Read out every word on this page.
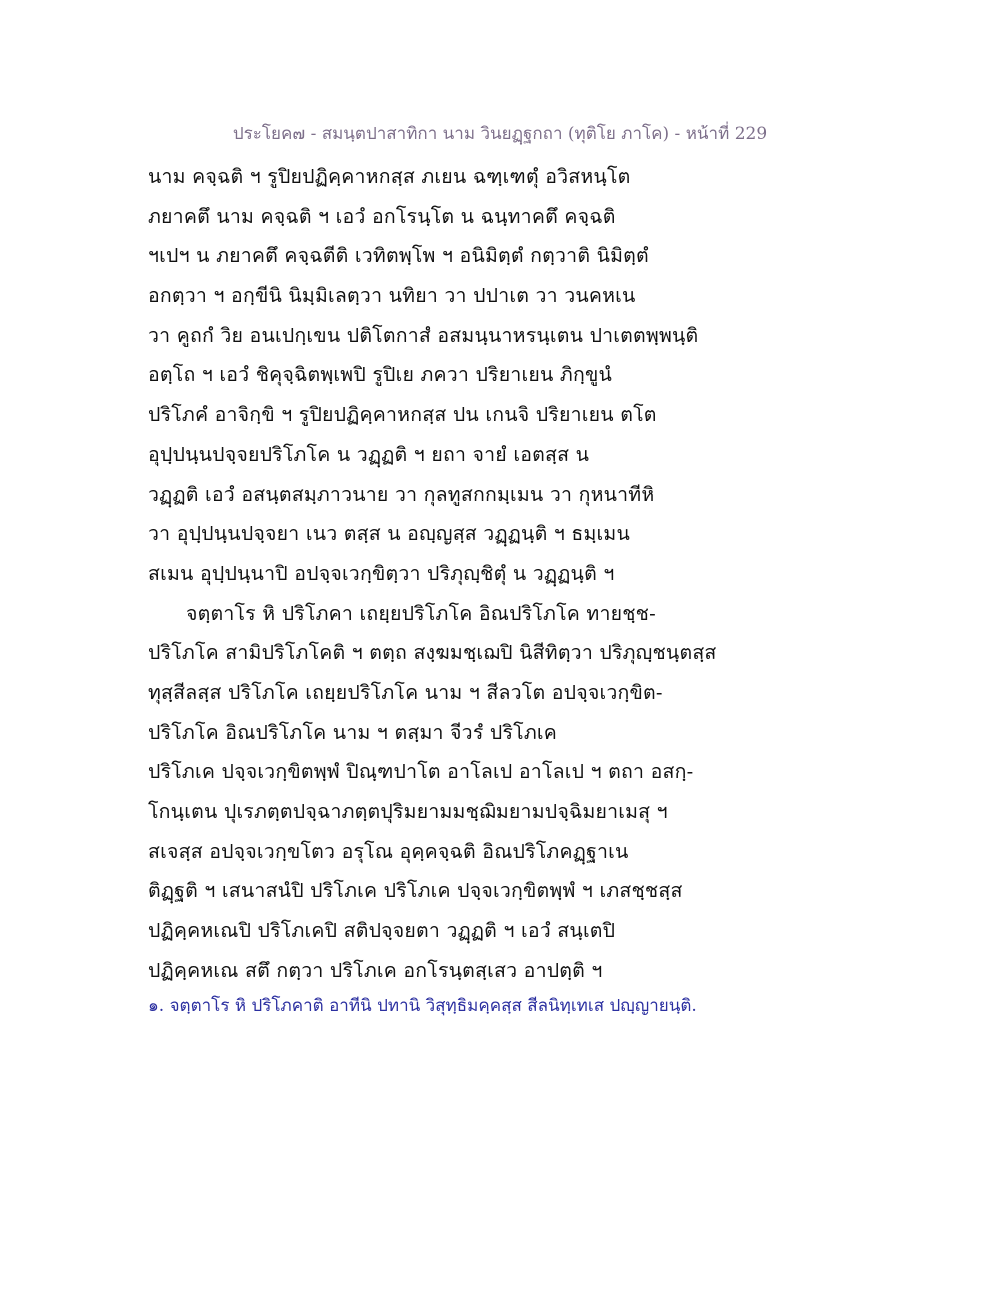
ประโยค๗ - สมนฺตปาสาทิกา นาม วินยฏฺฐกถา (ทุติโย ภาโค) - หน้าที่ 229
นาม คจฺฉติ ฯ รูปิยปฏิคฺคาหกสฺส ภเยน ฉฑฺเฑตุํ อวิสหนฺโต
ภยาคตึ นาม คจฺฉติ ฯ เอวํ อกโรนฺโต น ฉนฺทาคตึ คจฺฉติ
ฯเปฯ น ภยาคตึ คจฺฉตีติ เวทิตพฺโพ ฯ อนิมิตฺตํ กตฺวาติ นิมิตฺตํ
อกตฺวา ฯ อกฺขีนิ นิมฺมิเลตฺวา นทิยา วา ปปาเต วา วนคหเน
วา คูถกํ วิย อนเปกฺเขน ปติโตกาสํ อสมนฺนาหรนฺเตน ปาเตตพฺพนฺติ
อตฺโถ ฯ เอวํ ชิคุจฺฉิตพฺเพปิ รูปิเย ภควา ปริยาเยน ภิกฺขูนํ
ปริโภคํ อาจิกฺขิ ฯ รูปิยปฏิคฺคาหกสฺส ปน เกนจิ ปริยาเยน ตโต
อุปฺปนฺนปจฺจยปริโภโค น วฏฺฏติ ฯ ยถา จายํ เอตสฺส น
วฏฺฏติ เอวํ อสนฺตสมฺภาวนาย วา กุลทูสกกมฺเมน วา กุหนาทีหิ
วา อุปฺปนฺนปจฺจยา เนว ตสฺส น อญฺญสฺส วฏฺฏนฺติ ฯ ธมฺเมน
สเมน อุปฺปนฺนาปิ อปจฺจเวกฺขิตฺวา ปริภุญฺชิตุํ น วฏฺฏนฺติ ฯ
จตฺตาโร หิ ปริโภคา เถยฺยปริโภโค อิณปริโภโค ทายชฺช-
ปริโภโค สามิปริโภโคติ ฯ ตตฺถ สงฺฆมชฺเฌปิ นิสีทิตฺวา ปริภุญฺชนฺตสฺส
ทุสฺสีลสฺส ปริโภโค เถยฺยปริโภโค นาม ฯ สีลวโต อปจฺจเวกฺขิต-
ปริโภโค อิณปริโภโค นาม ฯ ตสฺมา จีวรํ ปริโภเค
ปริโภเค ปจฺจเวกฺขิตพฺพํ ปิณฺฑปาโต อาโลเป อาโลเป ฯ ตถา อสกฺ-
โกนฺเตน ปุเรภตฺตปจฺฉาภตฺตปุริมยามมชฺฌิมยามปจฺฉิมยาเมสุ ฯ
สเจสฺส อปจฺจเวกฺขโตว อรุโณ อุคฺคจฺฉติ อิณปริโภคฏฺฐาเน
ติฏฺฐติ ฯ เสนาสนํปิ ปริโภเค ปริโภเค ปจฺจเวกฺขิตพฺพํ ฯ เภสชฺชสฺส
ปฏิคฺคหเณปิ ปริโภเคปิ สติปจฺจยตา วฏฺฏติ ฯ เอวํ สนฺเตปิ
ปฏิคฺคหเณ สตึ กตฺวา ปริโภเค อกโรนฺตสฺเสว อาปตฺติ ฯ
๑. จตฺตาโร หิ ปริโภคาติ อาทีนิ ปทานิ วิสุทฺธิมคฺคสฺส สีลนิทฺเทเส ปญฺญายนฺติ.
